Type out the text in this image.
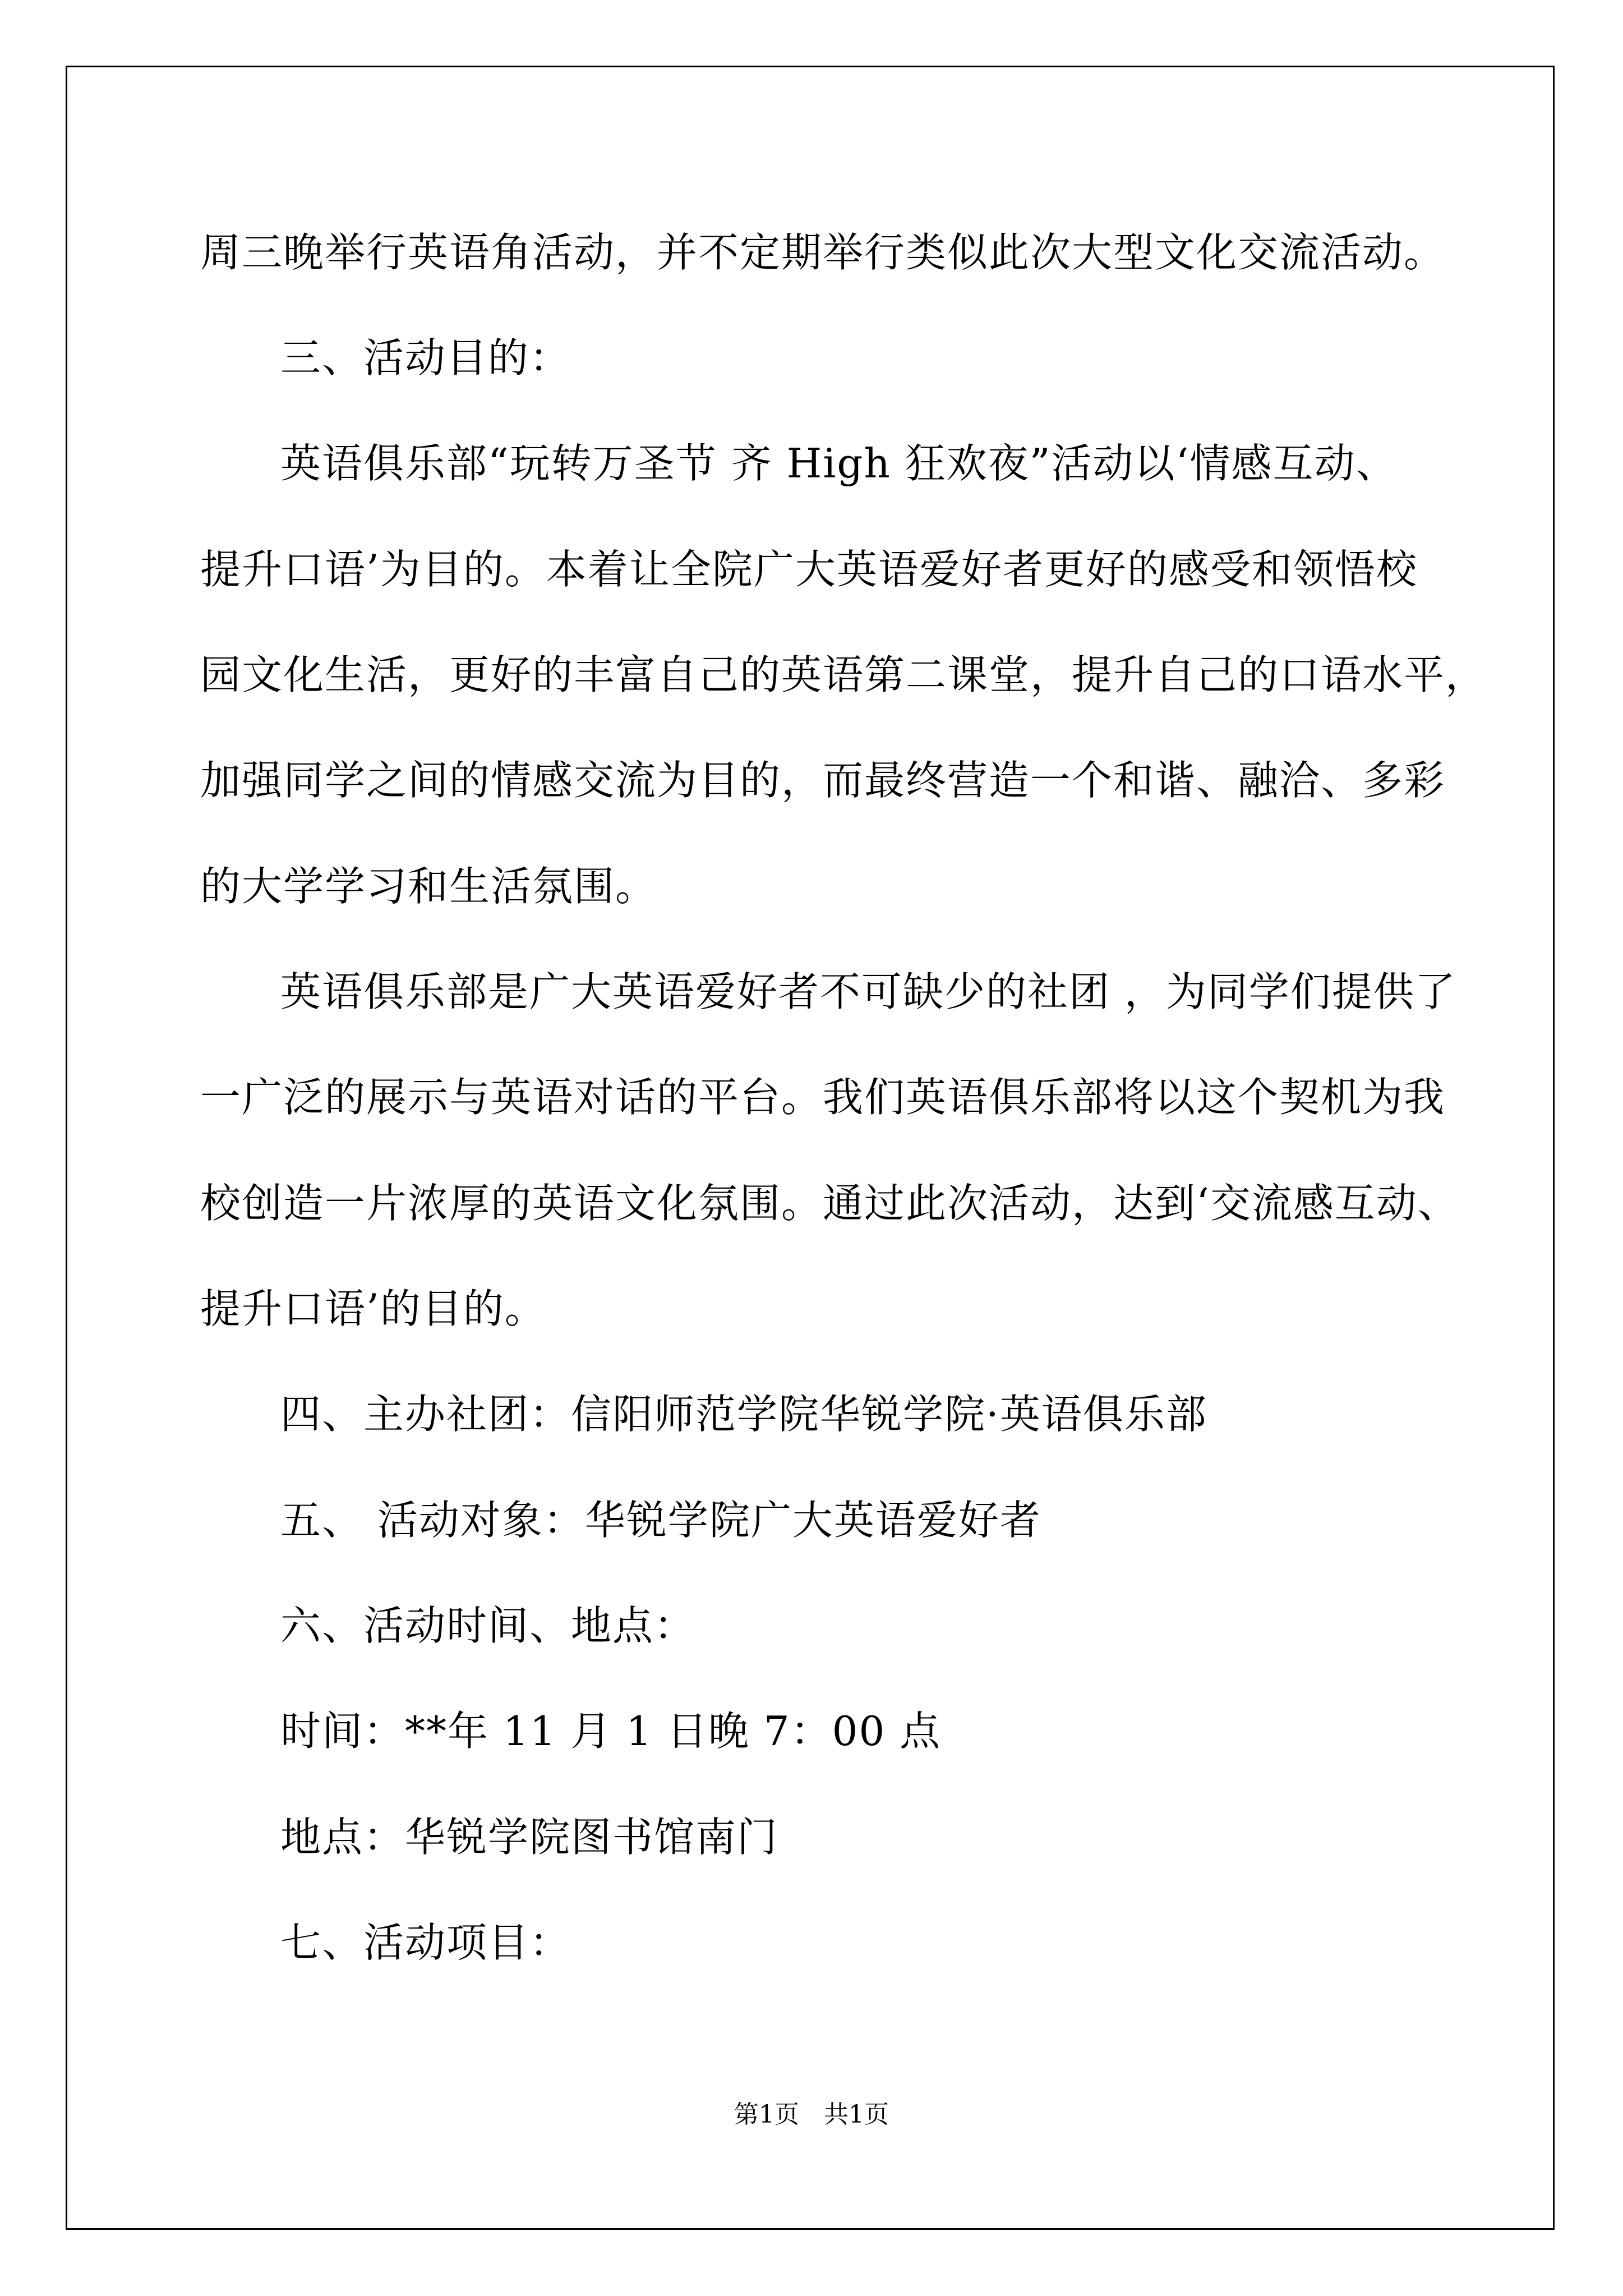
周三晚举行英语角活动，并不定期举行类似此次大型文化交流活动。
三、活动目的：
英语俱乐部“玩转万圣节 齐 High 狂欢夜”活动以‘情感互动、
提升口语’为目的。本着让全院广大英语爱好者更好的感受和领悟校
园文化生活，更好的丰富自己的英语第二课堂，提升自己的口语水平，
加强同学之间的情感交流为目的，而最终营造一个和谐、融洽、多彩
的大学学习和生活氛围。
英语俱乐部是广大英语爱好者不可缺少的社团 ，为同学们提供了
一广泛的展示与英语对话的平台。我们英语俱乐部将以这个契机为我
校创造一片浓厚的英语文化氛围。通过此次活动，达到‘交流感互动、
提升口语’的目的。
四、主办社团：信阳师范学院华锐学院·英语俱乐部
五、 活动对象：华锐学院广大英语爱好者
六、活动时间、地点：
时间：**年 11 月 1 日晚 7：00 点
地点：华锐学院图书馆南门
七、活动项目：
第1页　共1页
